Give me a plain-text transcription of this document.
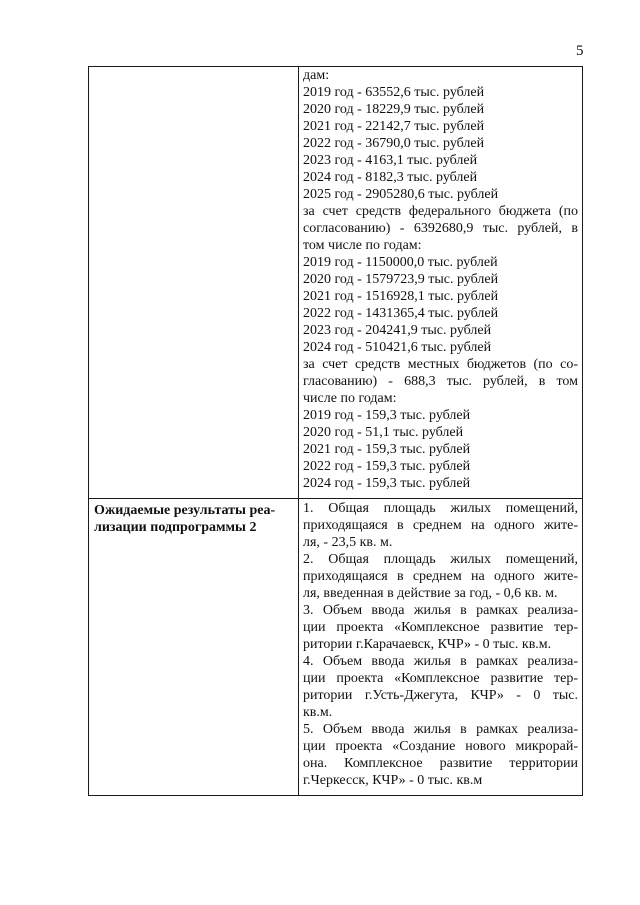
5
дам:
2019 год - 63552,6 тыс. рублей
2020 год - 18229,9 тыс. рублей
2021 год - 22142,7 тыс. рублей
2022 год - 36790,0 тыс. рублей
2023 год - 4163,1 тыс. рублей
2024 год - 8182,3 тыс. рублей
2025 год - 2905280,6 тыс. рублей
за счет средств федерального бюджета (по
согласованию) - 6392680,9 тыс. рублей, в
том числе по годам:
2019 год - 1150000,0 тыс. рублей
2020 год - 1579723,9 тыс. рублей
2021 год - 1516928,1 тыс. рублей
2022 год - 1431365,4 тыс. рублей
2023 год - 204241,9 тыс. рублей
2024 год - 510421,6 тыс. рублей
за счет средств местных бюджетов (по со-
гласованию) - 688,3 тыс. рублей, в том
числе по годам:
2019 год - 159,3 тыс. рублей
2020 год - 51,1 тыс. рублей
2021 год - 159,3 тыс. рублей
2022 год - 159,3 тыс. рублей
2024 год - 159,3 тыс. рублей
Ожидаемые результаты реа-
лизации подпрограммы 2
1. Общая площадь жилых помещений,
приходящаяся в среднем на одного жите-
ля, - 23,5 кв. м.
2. Общая площадь жилых помещений,
приходящаяся в среднем на одного жите-
ля, введенная в действие за год, - 0,6 кв. м.
3. Объем ввода жилья в рамках реализа-
ции проекта «Комплексное развитие тер-
ритории г.Карачаевск, КЧР» - 0 тыс. кв.м.
4. Объем ввода жилья в рамках реализа-
ции проекта «Комплексное развитие тер-
ритории г.Усть-Джегута, КЧР» - 0 тыс.
кв.м.
5. Объем ввода жилья в рамках реализа-
ции проекта «Создание нового микрорай-
она. Комплексное развитие территории
г.Черкесск, КЧР» - 0 тыс. кв.м
